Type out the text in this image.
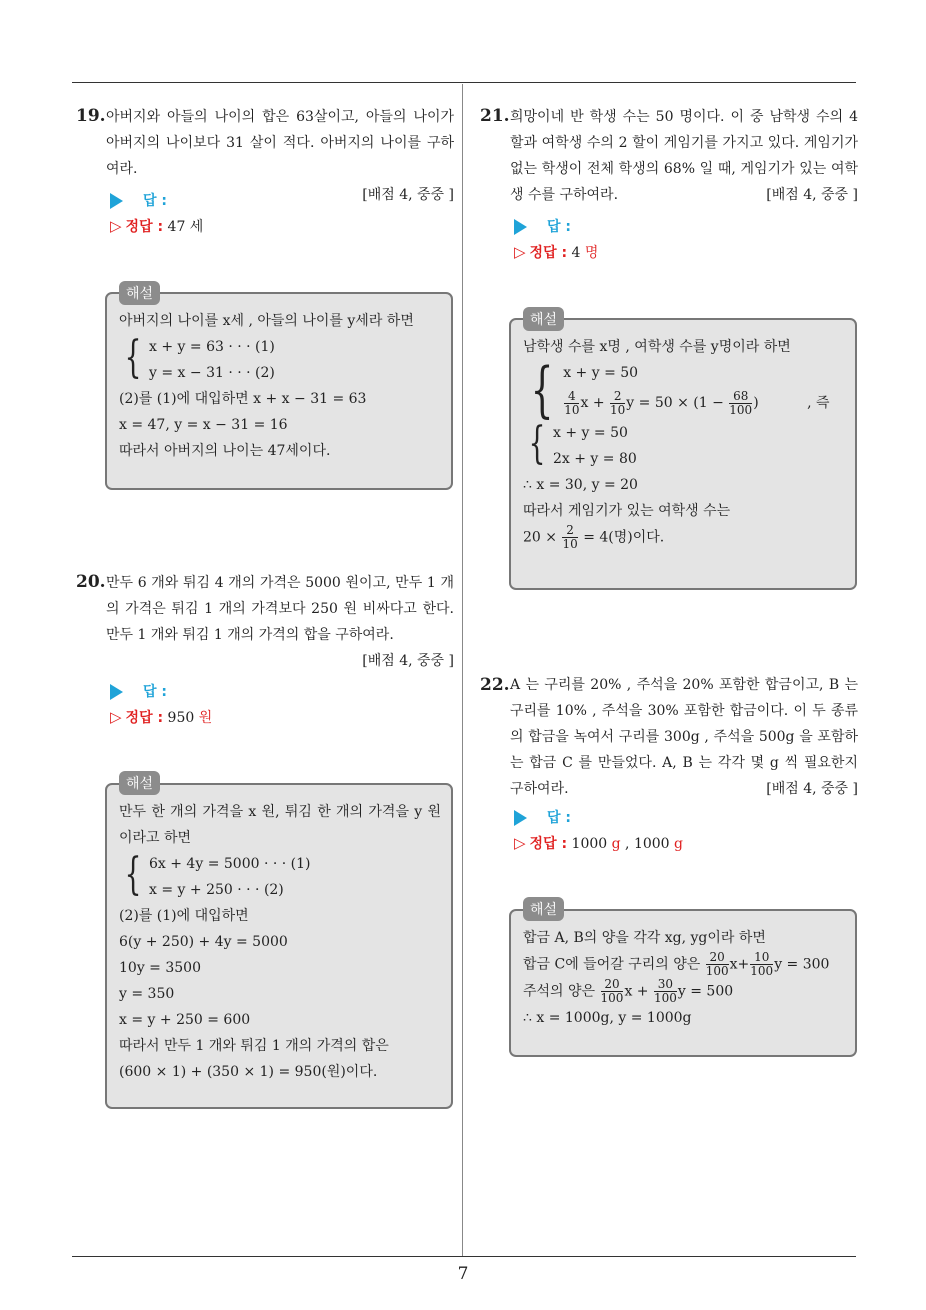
7
19. 아버지와 아들의 나이의 합은 63살이고, 아들의 나이가 아버지의 나이보다 31 살이 적다. 아버지의 나이를 구하여라.
[배점 4, 중중 ]
답 :
▷ 정답 : 47 세
아버지의 나이를 x세 , 아들의 나이를 y세라 하면
{ x + y = 63 · · · (1)
y = x − 31 · · · (2)
(2)를 (1)에 대입하면 x + x − 31 = 63
x = 47, y = x − 31 = 16
따라서 아버지의 나이는 47세이다.
해설
20. 만두 6 개와 튀김 4 개의 가격은 5000 원이고, 만두 1 개의 가격은 튀김 1 개의 가격보다 250 원 비싸다고 한다. 만두 1 개와 튀김 1 개의 가격의 합을 구하여라.
[배점 4, 중중 ]
답 :
▷ 정답 : 950 원
만두 한 개의 가격을 x 원, 튀김 한 개의 가격을 y 원이라고 하면
{ 6x + 4y = 5000 · · · (1)
x = y + 250 · · · (2)
(2)를 (1)에 대입하면
6(y + 250) + 4y = 5000
10y = 3500
y = 350
x = y + 250 = 600
따라서 만두 1 개와 튀김 1 개의 가격의 합은
(600 × 1) + (350 × 1) = 950(원)이다.
해설
21. 희망이네 반 학생 수는 50 명이다. 이 중 남학생 수의 4 할과 여학생 수의 2 할이 게임기를 가지고 있다. 게임기가 없는 학생이 전체 학생의 68% 일 때, 게임기가 있는 여학생 수를 구하여라.	[배점 4, 중중 ]
답 :
▷ 정답 : 4 명
남학생 수를 x명 , 여학생 수를 y명이라 하면
{ x + y = 50
$\frac{4}{10}$ $x + \frac{2}{10}$ $y = 50 \times (1 - \frac{68}{100}$ )	, 즉
{ x + y = 50
2x + y = 80
∴ x = 30, y = 20
따라서 게임기가 있는 여학생 수는
$20 \times \frac{2}{10} = 4$(명)이다.
해설
22. A 는 구리를 20% , 주석을 20% 포함한 합금이고, B 는 구리를 10% , 주석을 30% 포함한 합금이다. 이 두 종류의 합금을 녹여서 구리를 300g , 주석을 500g 을 포함하는 합금 C 를 만들었다. A, B 는 각각 몇 g 씩 필요한지 구하여라.	[배점 4, 중중 ]
답 :
▷ 정답 : 1000 g , 1000 g
합금 A, B의 양을 각각 xg, yg이라 하면
합금 C에 들어갈 구리의 양은 $\frac{20}{100} x+ \frac{10}{100}$ y = 300
주석의 양은 $\frac{20}{100}$ $x + \frac{30}{100}$ y = 500
∴ x = 1000g, y = 1000g
해설
